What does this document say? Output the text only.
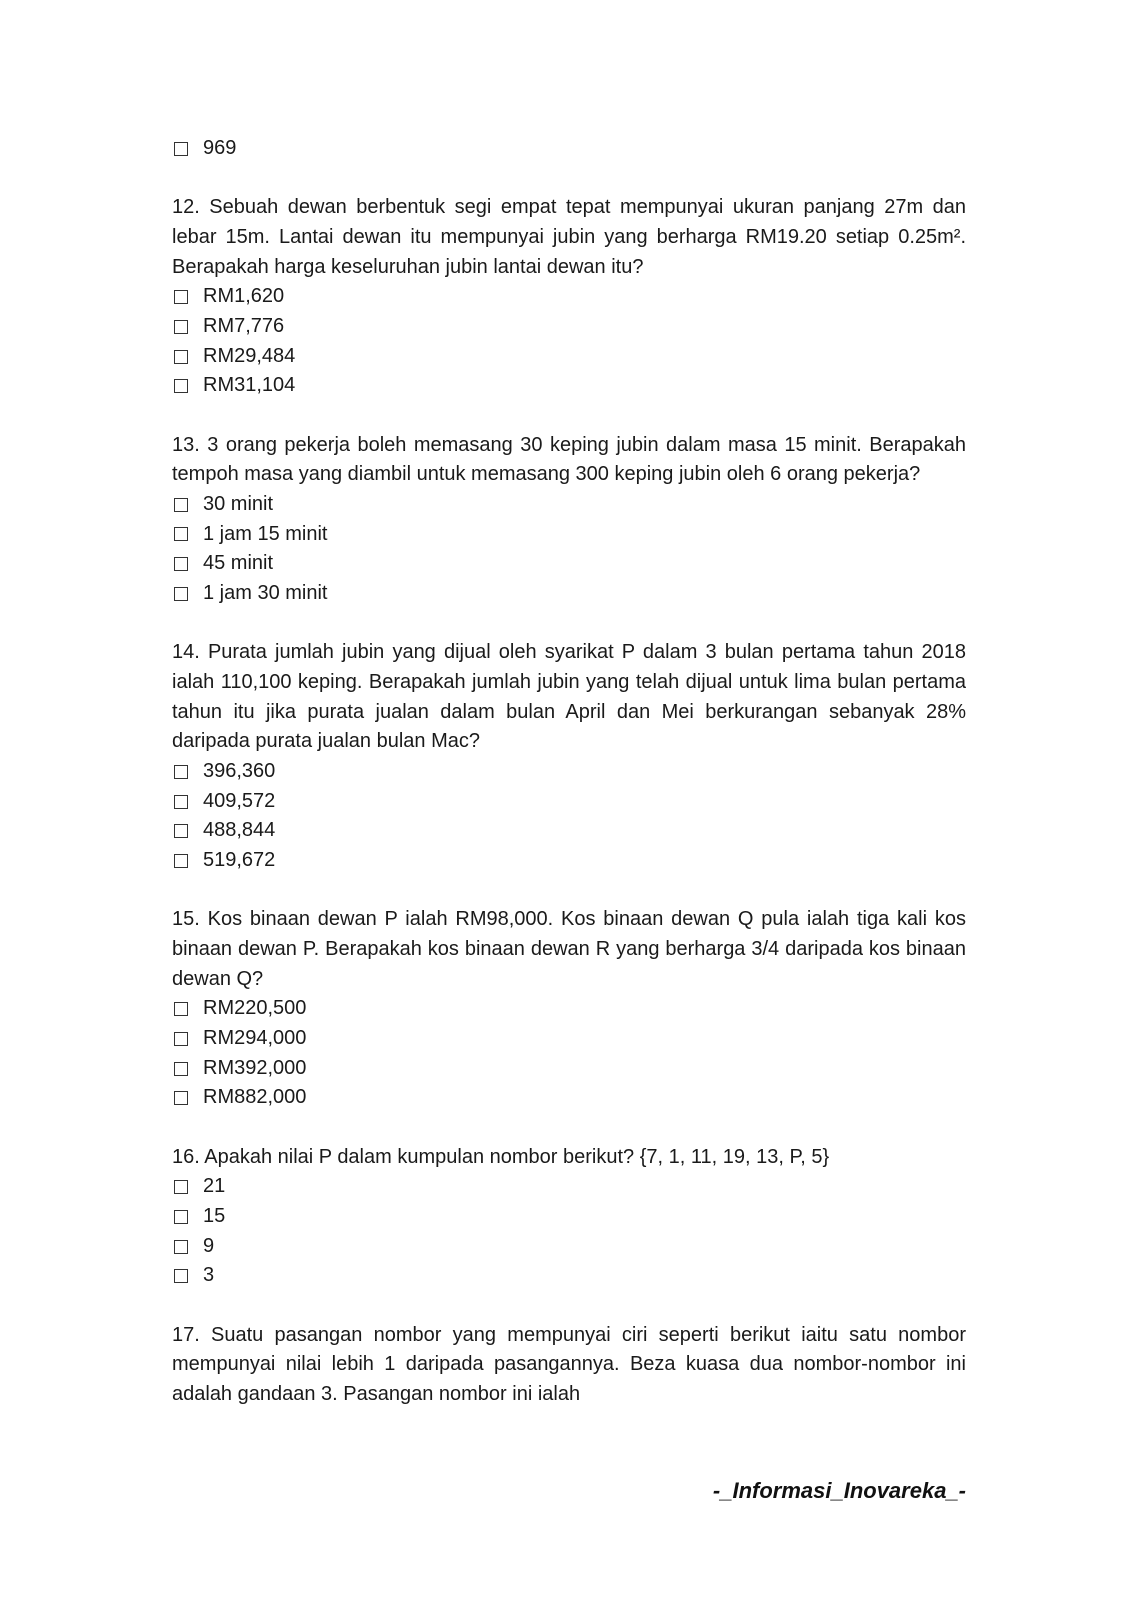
969

12. Sebuah dewan berbentuk segi empat tepat mempunyai ukuran panjang 27m dan lebar 15m. Lantai dewan itu mempunyai jubin yang berharga RM19.20 setiap 0.25m². Berapakah harga keseluruhan jubin lantai dewan itu?

RM1,620
RM7,776
RM29,484
RM31,104

13. 3 orang pekerja boleh memasang 30 keping jubin dalam masa 15 minit. Berapakah tempoh masa yang diambil untuk memasang 300 keping jubin oleh 6 orang pekerja?

30 minit
1 jam 15 minit
45 minit
1 jam 30 minit

14. Purata jumlah jubin yang dijual oleh syarikat P dalam 3 bulan pertama tahun 2018 ialah 110,100 keping. Berapakah jumlah jubin yang telah dijual untuk lima bulan pertama tahun itu jika purata jualan dalam bulan April dan Mei berkurangan sebanyak 28% daripada purata jualan bulan Mac?

396,360
409,572
488,844
519,672

15. Kos binaan dewan P ialah RM98,000. Kos binaan dewan Q pula ialah tiga kali kos binaan dewan P. Berapakah kos binaan dewan R yang berharga 3/4 daripada kos binaan dewan Q?

RM220,500
RM294,000
RM392,000
RM882,000

16. Apakah nilai P dalam kumpulan nombor berikut? {7, 1, 11, 19, 13, P, 5}

21
15
9
3

17. Suatu pasangan nombor yang mempunyai ciri seperti berikut iaitu satu nombor mempunyai nilai lebih 1 daripada pasangannya. Beza kuasa dua nombor-nombor ini adalah gandaan 3. Pasangan nombor ini ialah

-_Informasi_Inovareka_-
